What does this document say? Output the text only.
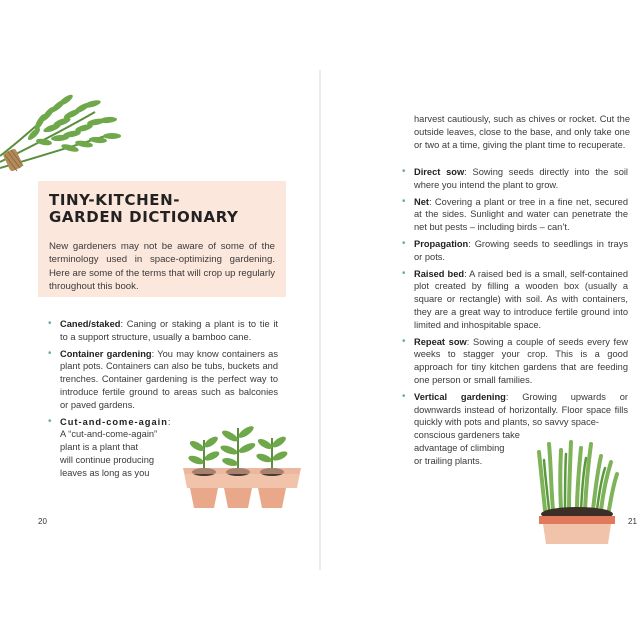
TINY-KITCHEN-GARDEN DICTIONARY

New gardeners may not be aware of some of the terminology used in space-optimizing gardening. Here are some of the terms that will crop up regularly throughout this book.

• Caned/staked: Caning or staking a plant is to tie it to a support structure, usually a bamboo cane.
• Container gardening: You may know containers as plant pots. Containers can also be tubs, buckets and trenches. Container gardening is the perfect way to introduce fertile ground to areas such as balconies or paved gardens.
• Cut-and-come-again:
A “cut-and-come-again”
plant is a plant that
will continue producing
leaves as long as you
20

harvest cautiously, such as chives or rocket. Cut the outside leaves, close to the base, and only take one or two at a time, giving the plant time to recuperate.

• Direct sow: Sowing seeds directly into the soil where you intend the plant to grow.
• Net: Covering a plant or tree in a fine net, secured at the sides. Sunlight and water can penetrate the net but pests – including birds – can’t.
• Propagation: Growing seeds to seedlings in trays or pots.
• Raised bed: A raised bed is a small, self-contained plot created by filling a wooden box (usually a square or rectangle) with soil. As with containers, they are a great way to introduce fertile ground into limited and inhospitable space.
• Repeat sow: Sowing a couple of seeds every few weeks to stagger your crop. This is a good approach for tiny kitchen gardens that are feeding one person or small families.
• Vertical gardening: Growing upwards or downwards instead of horizontally. Floor space fills quickly with pots and plants, so savvy space-
conscious gardeners take
advantage of climbing
or trailing plants.
21
